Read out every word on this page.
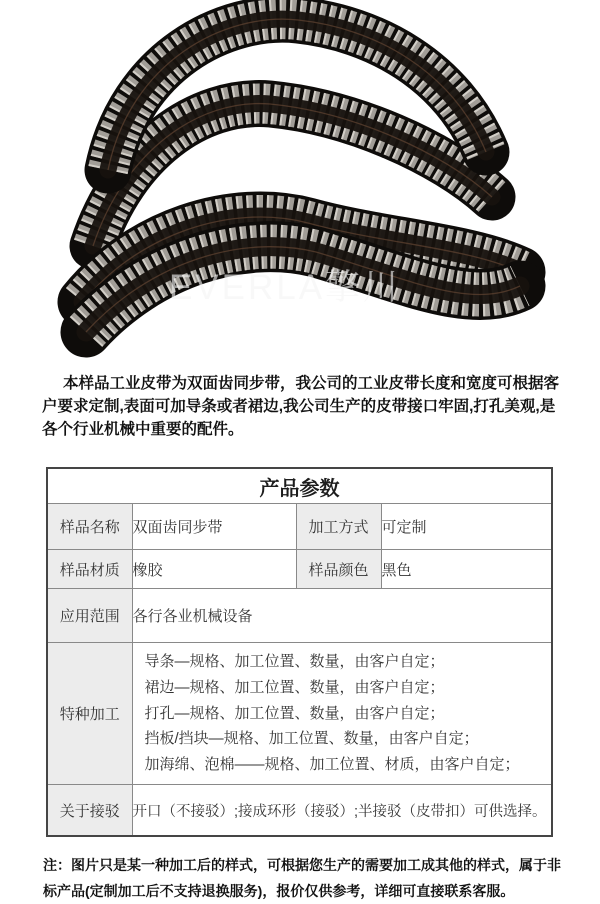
EVERLA擎川

本样品工业皮带为双面齿同步带，我公司的工业皮带长度和宽度可根据客户要求定制,表面可加导条或者裙边,我公司生产的皮带接口牢固,打孔美观,是各个行业机械中重要的配件。

产品参数			
样品名称	双面齿同步带	加工方式	可定制
样品材质	橡胶	样品颜色	黑色
应用范围	各行各业机械设备		
特种加工	导条—规格、加工位置、数量，由客户自定；
裙边—规格、加工位置、数量，由客户自定；
打孔—规格、加工位置、数量，由客户自定；
挡板/挡块—规格、加工位置、数量，由客户自定；
加海绵、泡棉——规格、加工位置、材质，由客户自定；		

关于接驳	开口（不接驳）;接成环形（接驳）;半接驳（皮带扣）可供选择。		

注：图片只是某一种加工后的样式，可根据您生产的需要加工成其他的样式，属于非标产品(定制加工后不支持退换服务)，报价仅供参考，详细可直接联系客服。
